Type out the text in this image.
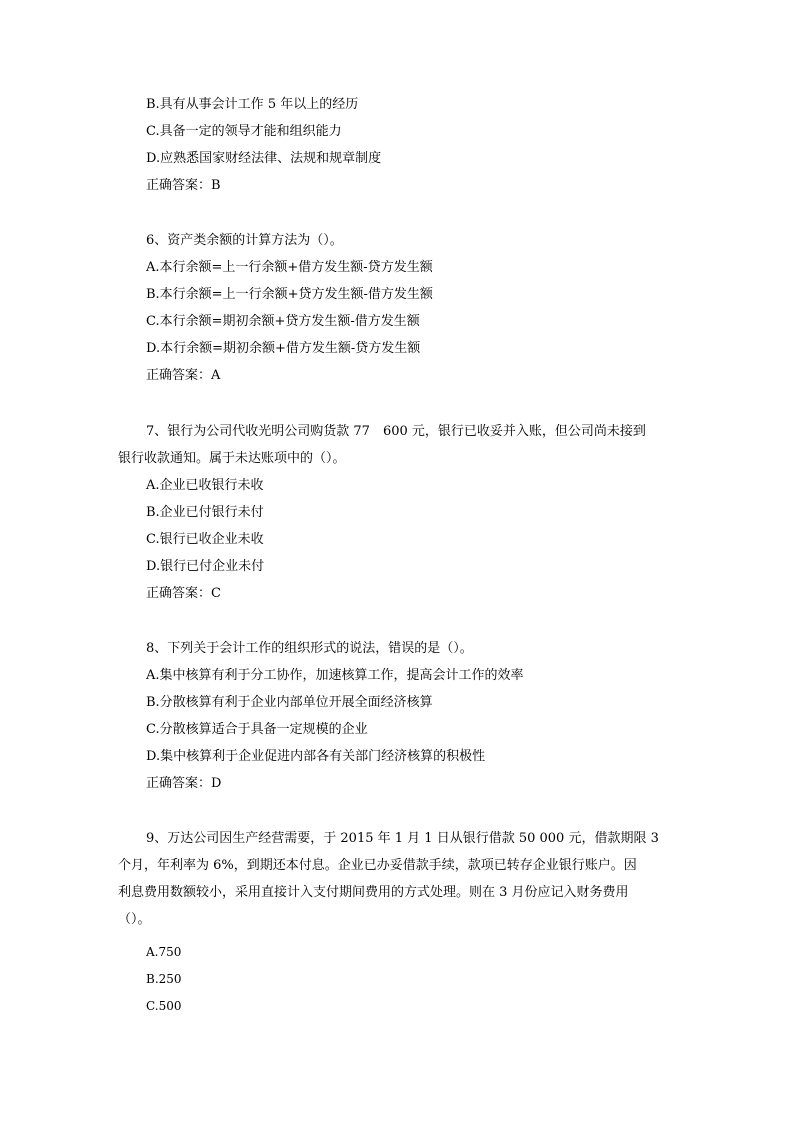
B.具有从事会计工作 5 年以上的经历
C.具备一定的领导才能和组织能力
D.应熟悉国家财经法律、法规和规章制度
正确答案：B
6、资产类余额的计算方法为（）。
A.本行余额=上一行余额+借方发生额-贷方发生额
B.本行余额=上一行余额+贷方发生额-借方发生额
C.本行余额=期初余额+贷方发生额-借方发生额
D.本行余额=期初余额+借方发生额-贷方发生额
正确答案：A
7、银行为公司代收光明公司购货款 77　600 元，银行已收妥并入账，但公司尚未接到
银行收款通知。属于未达账项中的（）。
A.企业已收银行未收
B.企业已付银行未付
C.银行已收企业未收
D.银行已付企业未付
正确答案：C
8、下列关于会计工作的组织形式的说法，错误的是（）。
A.集中核算有利于分工协作，加速核算工作，提高会计工作的效率
B.分散核算有利于企业内部单位开展全面经济核算
C.分散核算适合于具备一定规模的企业
D.集中核算利于企业促进内部各有关部门经济核算的积极性
正确答案：D
9、万达公司因生产经营需要，于 2015 年 1 月 1 日从银行借款 50 000 元，借款期限 3
个月，年利率为 6%，到期还本付息。企业已办妥借款手续，款项已转存企业银行账户。因
利息费用数额较小，采用直接计入支付期间费用的方式处理。则在 3 月份应记入财务费用
（）。
A.750
B.250
C.500
